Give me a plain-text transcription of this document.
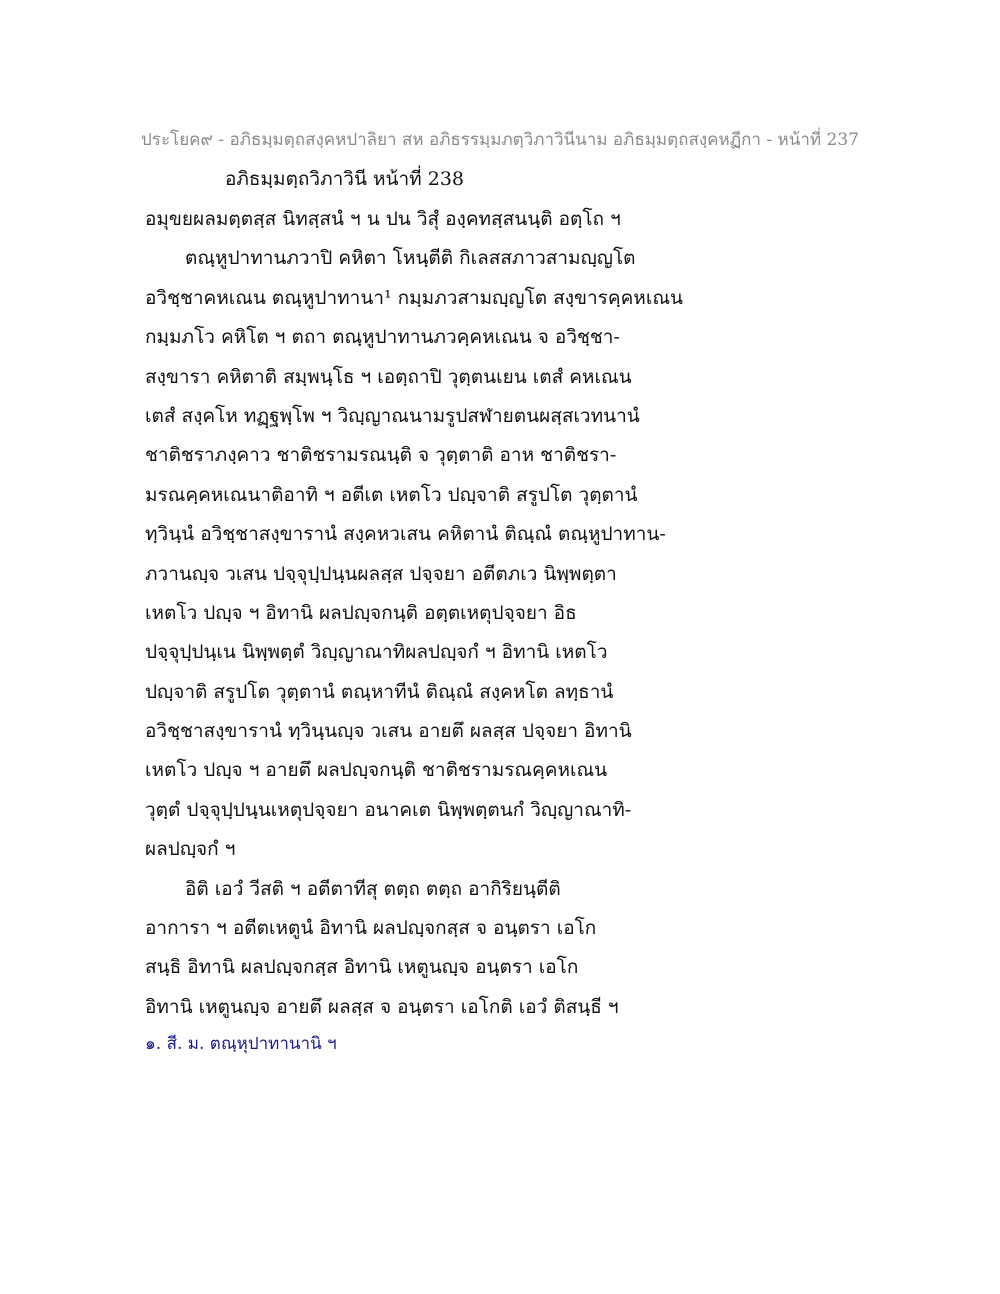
ประโยค๙ - อภิธมฺมตฺถสงฺคหปาลิยา สห อภิธรรมฺมภตฺวิภาวินีนาม อภิธมฺมตฺถสงฺคหฏีกา - หน้าที่ 237
อภิธมฺมตฺถวิภาวินี หน้าที่ 238
อมุขยผลมตฺตสฺส นิทสฺสนํ ฯ น ปน วิสุํ องฺคทสฺสนนฺติ อตฺโถ ฯ
ตณฺหูปาทานภวาปิ คหิตา โหนฺตีติ กิเลสสภาวสามญฺญโต
อวิชฺชาคหเณน ตณฺหูปาทานา¹ กมฺมภวสามญฺญโต สงฺขารคฺคหเณน
กมฺมภโว คหิโต ฯ ตถา ตณฺหูปาทานภวคฺคหเณน จ อวิชฺชา-
สงฺขารา คหิตาติ สมฺพนฺโธ ฯ เอตฺถาปิ วุตฺตนเยน เตสํ คหเณน
เตสํ สงฺคโห ทฏฺฐพฺโพ ฯ วิญฺญาณนามรูปสฬายตนผสฺสเวทนานํ
ชาติชราภงฺคาว ชาติชรามรณนฺติ จ วุตฺตาติ อาห ชาติชรา-
มรณคฺคหเณนาติอาทิ ฯ อตีเต เหตโว ปญฺจาติ สรูปโต วุตฺตานํ
ทฺวินฺนํ อวิชฺชาสงฺขารานํ สงฺคหวเสน คหิตานํ ติณฺณํ ตณฺหูปาทาน-
ภวานญฺจ วเสน ปจฺจุปฺปนฺนผลสฺส ปจฺจยา อตีตภเว นิพฺพตฺตา
เหตโว ปญฺจ ฯ อิทานิ ผลปญฺจกนฺติ อตฺตเหตุปจฺจยา อิธ
ปจฺจุปฺปนฺเน นิพฺพตฺตํ วิญฺญาณาทิผลปญฺจกํ ฯ อิทานิ เหตโว
ปญฺจาติ สรูปโต วุตฺตานํ ตณฺหาทีนํ ติณฺณํ สงฺคหโต ลทฺธานํ
อวิชฺชาสงฺขารานํ ทฺวินฺนญฺจ วเสน อายตึ ผลสฺส ปจฺจยา อิทานิ
เหตโว ปญฺจ ฯ อายตึ ผลปญฺจกนฺติ ชาติชรามรณคฺคหเณน
วุตฺตํ ปจฺจุปฺปนฺนเหตุปจฺจยา อนาคเต นิพฺพตฺตนกํ วิญฺญาณาทิ-
ผลปญฺจกํ ฯ
อิติ เอวํ วีสติ ฯ อตีตาทีสุ ตตฺถ ตตฺถ อากิริยนฺตีติ
อาการา ฯ อตีตเหตูนํ อิทานิ ผลปญฺจกสฺส จ อนฺตรา เอโก
สนฺธิ อิทานิ ผลปญฺจกสฺส อิทานิ เหตูนญฺจ อนฺตรา เอโก
อิทานิ เหตูนญฺจ อายตึ ผลสฺส จ อนฺตรา เอโกติ เอวํ ติสนฺธี ฯ
๑. สี. ม. ตณฺหุปาทานานิ ฯ
